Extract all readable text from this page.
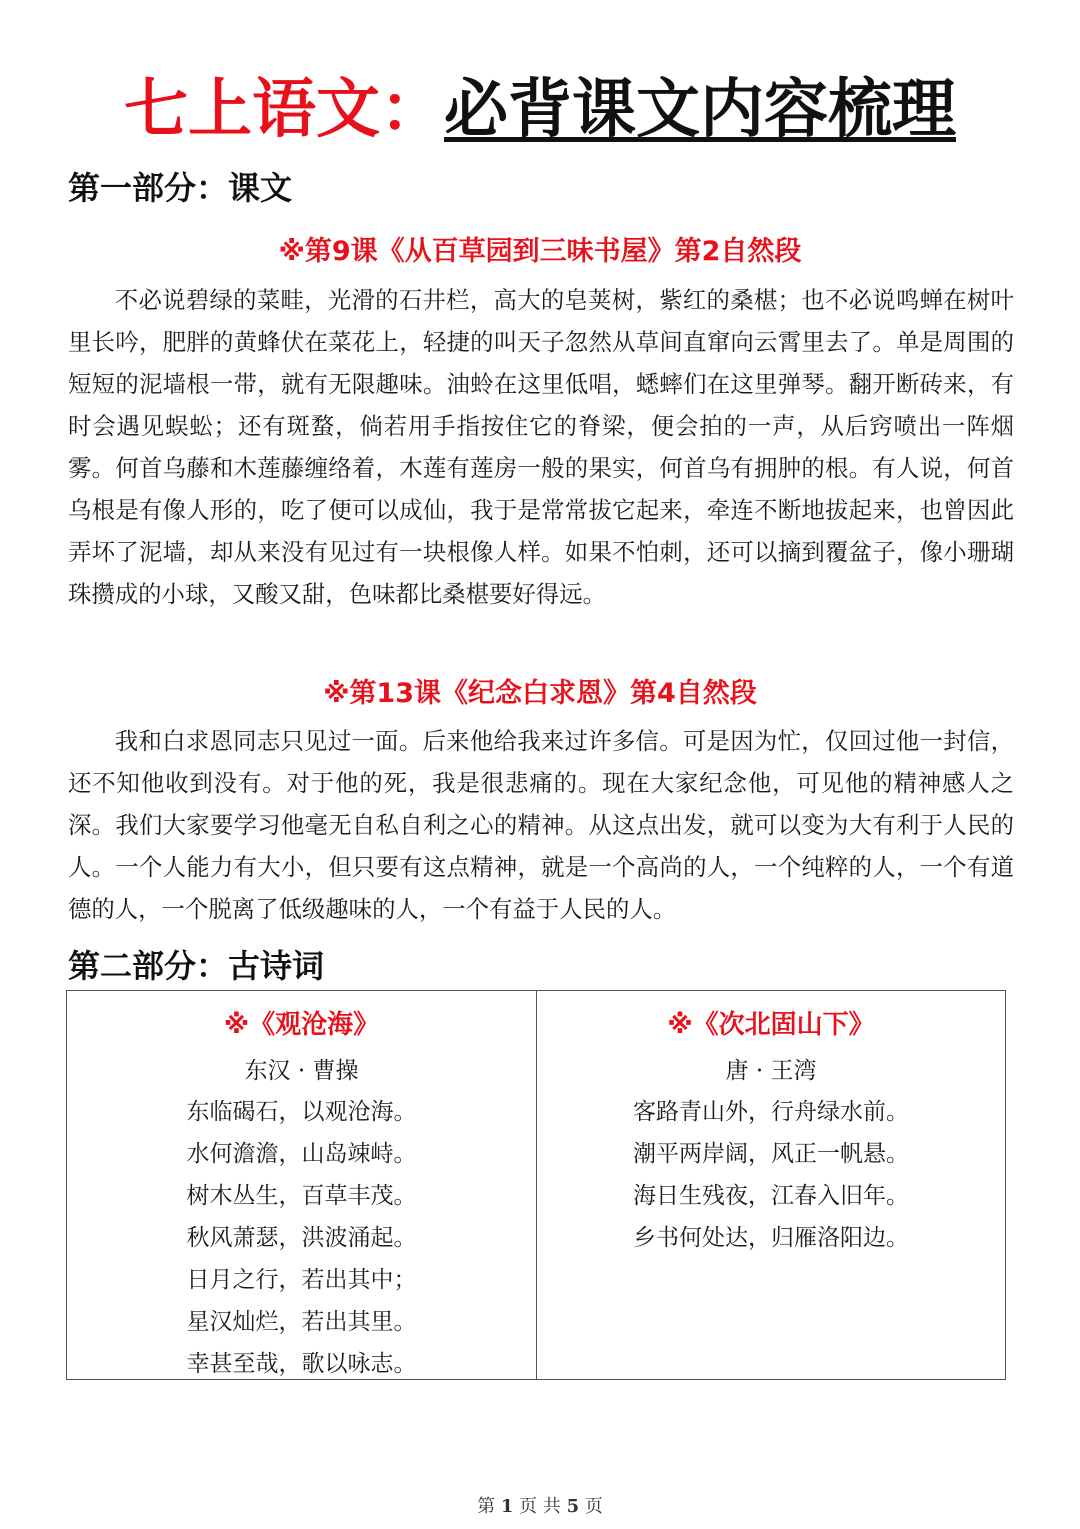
七上语文：必背课文内容梳理
第一部分：课文
※第9课《从百草园到三味书屋》第2自然段

不必说碧绿的菜畦，光滑的石井栏，高大的皂荚树，紫红的桑椹；也不必说鸣蝉在树叶里长吟，肥胖的黄蜂伏在菜花上，轻捷的叫天子忽然从草间直窜向云霄里去了。单是周围的短短的泥墙根一带，就有无限趣味。油蛉在这里低唱，蟋蟀们在这里弹琴。翻开断砖来，有时会遇见蜈蚣；还有斑蝥，倘若用手指按住它的脊梁，便会拍的一声，从后窍喷出一阵烟雾。何首乌藤和木莲藤缠络着，木莲有莲房一般的果实，何首乌有拥肿的根。有人说，何首乌根是有像人形的，吃了便可以成仙，我于是常常拔它起来，牵连不断地拔起来，也曾因此弄坏了泥墙，却从来没有见过有一块根像人样。如果不怕刺，还可以摘到覆盆子，像小珊瑚珠攒成的小球，又酸又甜，色味都比桑椹要好得远。

※第13课《纪念白求恩》第4自然段

我和白求恩同志只见过一面。后来他给我来过许多信。可是因为忙，仅回过他一封信，还不知他收到没有。对于他的死，我是很悲痛的。现在大家纪念他，可见他的精神感人之深。我们大家要学习他毫无自私自利之心的精神。从这点出发，就可以变为大有利于人民的人。一个人能力有大小，但只要有这点精神，就是一个高尚的人，一个纯粹的人，一个有道德的人，一个脱离了低级趣味的人，一个有益于人民的人。

第二部分：古诗词
※《观沧海》
东汉 · 曹操
东临碣石，以观沧海。
水何澹澹，山岛竦峙。
树木丛生，百草丰茂。
秋风萧瑟，洪波涌起。
日月之行，若出其中；
星汉灿烂，若出其里。
幸甚至哉，歌以咏志。
※《次北固山下》
唐 · 王湾
客路青山外，行舟绿水前。
潮平两岸阔，风正一帆悬。
海日生残夜，江春入旧年。
乡书何处达，归雁洛阳边。
第 1 页 共 5 页
